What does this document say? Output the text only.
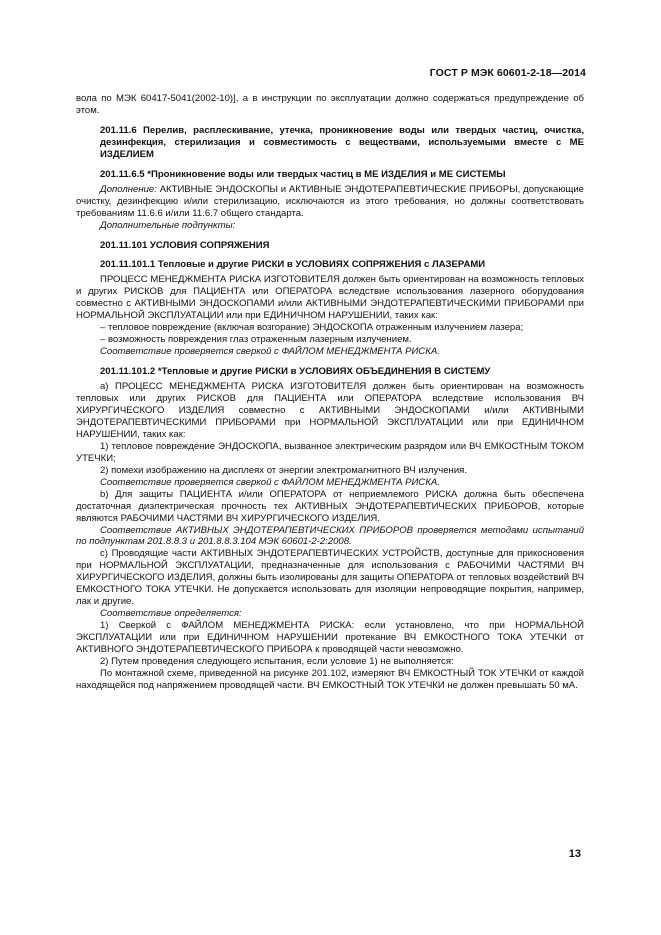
ГОСТ Р МЭК 60601-2-18—2014

вола по МЭК 60417-5041(2002-10)], а в инструкции по эксплуатации должно содержаться предупреждение об этом.

201.11.6 Перелив, расплескивание, утечка, проникновение воды или твердых частиц, очистка, дезинфекция, стерилизация и совместимость с веществами, используемыми вместе с МЕ ИЗДЕЛИЕМ

201.11.6.5 *Проникновение воды или твердых частиц в МЕ ИЗДЕЛИЯ и МЕ СИСТЕМЫ

Дополнение: АКТИВНЫЕ ЭНДОСКОПЫ и АКТИВНЫЕ ЭНДОТЕРАПЕВТИЧЕСКИЕ ПРИБОРЫ, допускающие очистку, дезинфекцию и/или стерилизацию, исключаются из этого требования, но должны соответствовать требованиям 11.6.6 и/или 11.6.7 общего стандарта.

Дополнительные подпункты:

201.11.101 УСЛОВИЯ СОПРЯЖЕНИЯ

201.11.101.1 Тепловые и другие РИСКИ в УСЛОВИЯХ СОПРЯЖЕНИЯ с ЛАЗЕРАМИ

ПРОЦЕСС МЕНЕДЖМЕНТА РИСКА ИЗГОТОВИТЕЛЯ должен быть ориентирован на возможность тепловых и других РИСКОВ для ПАЦИЕНТА или ОПЕРАТОРА вследствие использования лазерного оборудования совместно с АКТИВНЫМИ ЭНДОСКОПАМИ и/или АКТИВНЫМИ ЭНДОТЕРАПЕВТИЧЕСКИМИ ПРИБОРАМИ при НОРМАЛЬНОЙ ЭКСПЛУАТАЦИИ или при ЕДИНИЧНОМ НАРУШЕНИИ, таких как:

– тепловое повреждение (включая возгорание) ЭНДОСКОПА отраженным излучением лазера;

– возможность повреждения глаз отраженным лазерным излучением.

Соответствие проверяется сверкой с ФАЙЛОМ МЕНЕДЖМЕНТА РИСКА.

201.11.101.2 *Тепловые и другие РИСКИ в УСЛОВИЯХ ОБЪЕДИНЕНИЯ В СИСТЕМУ

а) ПРОЦЕСС МЕНЕДЖМЕНТА РИСКА ИЗГОТОВИТЕЛЯ должен быть ориентирован на возможность тепловых или других РИСКОВ для ПАЦИЕНТА или ОПЕРАТОРА вследствие использования ВЧ ХИРУРГИЧЕСКОГО ИЗДЕЛИЯ совместно с АКТИВНЫМИ ЭНДОСКОПАМИ и/или АКТИВНЫМИ ЭНДОТЕРАПЕВТИЧЕСКИМИ ПРИБОРАМИ при НОРМАЛЬНОЙ ЭКСПЛУАТАЦИИ или при ЕДИНИЧНОМ НАРУШЕНИИ, таких как:

1) тепловое повреждение ЭНДОСКОПА, вызванное электрическим разрядом или ВЧ ЕМКОСТНЫМ ТОКОМ УТЕЧКИ;

2) помехи изображению на дисплеях от энергии электромагнитного ВЧ излучения.

Соответствие проверяется сверкой с ФАЙЛОМ МЕНЕДЖМЕНТА РИСКА.

b) Для защиты ПАЦИЕНТА и/или ОПЕРАТОРА от неприемлемого РИСКА должна быть обеспечена достаточная диэлектрическая прочность тех АКТИВНЫХ ЭНДОТЕРАПЕВТИЧЕСКИХ ПРИБОРОВ, которые являются РАБОЧИМИ ЧАСТЯМИ ВЧ ХИРУРГИЧЕСКОГО ИЗДЕЛИЯ.

Соответствие АКТИВНЫХ ЭНДОТЕРАПЕВТИЧЕСКИХ ПРИБОРОВ проверяется методами испытаний по подпунктам 201.8.8.3 и 201.8.8.3.104 МЭК 60601-2-2:2008.

с) Проводящие части АКТИВНЫХ ЭНДОТЕРАПЕВТИЧЕСКИХ УСТРОЙСТВ, доступные для прикосновения при НОРМАЛЬНОЙ ЭКСПЛУАТАЦИИ, предназначенные для использования с РАБОЧИМИ ЧАСТЯМИ ВЧ ХИРУРГИЧЕСКОГО ИЗДЕЛИЯ, должны быть изолированы для защиты ОПЕРАТОРА от тепловых воздействий ВЧ ЕМКОСТНОГО ТОКА УТЕЧКИ. Не допускается использовать для изоляции непроводящие покрытия, например, лак и другие.

Соответствие определяется:

1) Сверкой с ФАЙЛОМ МЕНЕДЖМЕНТА РИСКА: если установлено, что при НОРМАЛЬНОЙ ЭКСПЛУАТАЦИИ или при ЕДИНИЧНОМ НАРУШЕНИИ протекание ВЧ ЕМКОСТНОГО ТОКА УТЕЧКИ от АКТИВНОГО ЭНДОТЕРАПЕВТИЧЕСКОГО ПРИБОРА к проводящей части невозможно.

2) Путем проведения следующего испытания, если условие 1) не выполняется:

По монтажной схеме, приведенной на рисунке 201.102, измеряют ВЧ ЕМКОСТНЫЙ ТОК УТЕЧКИ от каждой находящейся под напряжением проводящей части. ВЧ ЕМКОСТНЫЙ ТОК УТЕЧКИ не должен превышать 50 мА.

13
